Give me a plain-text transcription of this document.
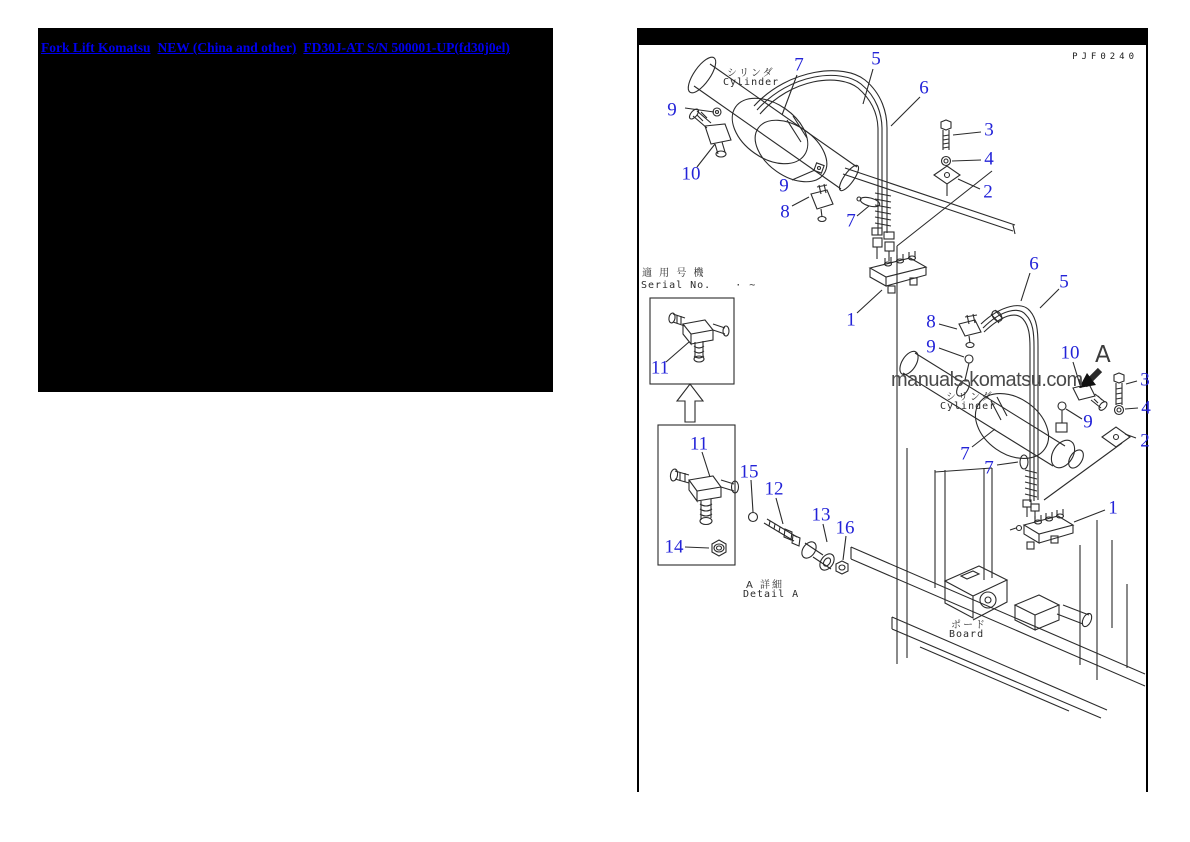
Fork Lift Komatsu NEW (China and other) FD30J-AT S/N 500001-UP(fd30j0el)
PJF0240
シリンダ
Cylinder
適 用 号 機
Serial No. · ~
シリンダ
Cylinder
A
A 詳細
Detail A
ポード
Board
manuals-komatsu.com
7	5
6
9
3
4
2
10
9
8	7
1
11
11
15
12
13
16
14
6
5
8
9	10
3
4
9
2
7
7
1
